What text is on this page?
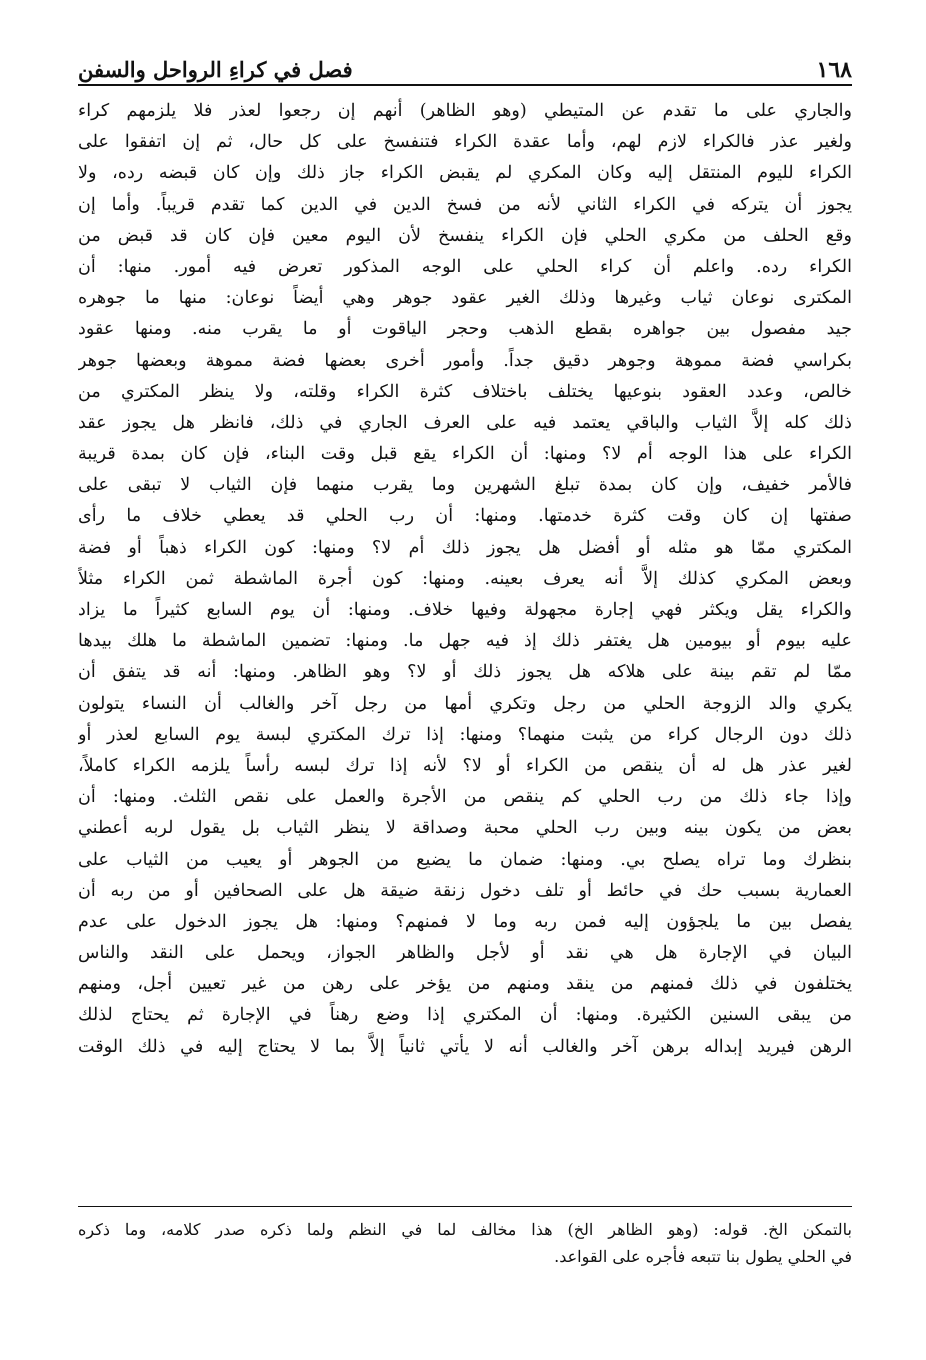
١٦٨
فصل في كراءِ الرواحل والسفن
والجاري على ما تقدم عن المتيطي (وهو الظاهر) أنهم إن رجعوا لعذر فلا يلزمهم كراء
ولغير عذر فالكراء لازم لهم، وأما عقدة الكراء فتنفسخ على كل حال، ثم إن اتفقوا على
الكراء لليوم المنتقل إليه وكان المكري لم يقبض الكراء جاز ذلك وإن كان قبضه رده، ولا
يجوز أن يتركه في الكراء الثاني لأنه من فسخ الدين في الدين كما تقدم قريباً. وأما إن
وقع الحلف من مكري الحلي فإن الكراء ينفسخ لأن اليوم معين فإن كان قد قبض من
الكراء رده. واعلم أن كراء الحلي على الوجه المذكور تعرض فيه أمور. منها: أن
المكترى نوعان ثياب وغيرها وذلك الغير عقود جوهر وهي أيضاً نوعان: منها ما جوهره
جيد مفصول بين جواهره بقطع الذهب وحجر الياقوت أو ما يقرب منه. ومنها عقود
بكراسي فضة مموهة وجوهر دقيق جداً. وأمور أخرى بعضها فضة مموهة وبعضها جوهر
خالص، وعدد العقود بنوعيها يختلف باختلاف كثرة الكراء وقلته، ولا ينظر المكتري من
ذلك كله إلاَّ الثياب والباقي يعتمد فيه على العرف الجاري في ذلك، فانظر هل يجوز عقد
الكراء على هذا الوجه أم لا؟ ومنها: أن الكراء يقع قبل وقت البناء، فإن كان بمدة قريبة
فالأمر خفيف، وإن كان بمدة تبلغ الشهرين وما يقرب منهما فإن الثياب لا تبقى على
صفتها إن كان وقت كثرة خدمتها. ومنها: أن رب الحلي قد يعطي خلاف ما رأى
المكتري ممّا هو مثله أو أفضل هل يجوز ذلك أم لا؟ ومنها: كون الكراء ذهباً أو فضة
وبعض المكري كذلك إلاَّ أنه يعرف بعينه. ومنها: كون أجرة الماشطة ثمن الكراء مثلاً
والكراء يقل ويكثر فهي إجارة مجهولة وفيها خلاف. ومنها: أن يوم السابع كثيراً ما يزاد
عليه بيوم أو بيومين هل يغتفر ذلك إذ فيه جهل ما. ومنها: تضمين الماشطة ما هلك بيدها
ممّا لم تقم بينة على هلاكه هل يجوز ذلك أو لا؟ وهو الظاهر. ومنها: أنه قد يتفق أن
يكري والد الزوجة الحلي من رجل وتكري أمها من رجل آخر والغالب أن النساء يتولون
ذلك دون الرجال كراء من يثبت منهما؟ ومنها: إذا ترك المكتري لبسة يوم السابع لعذر أو
لغير عذر هل له أن ينقص من الكراء أو لا؟ لأنه إذا ترك لبسه رأساً يلزمه الكراء كاملاً،
وإذا جاء ذلك من رب الحلي كم ينقص من الأجرة والعمل على نقص الثلث. ومنها: أن
بعض من يكون بينه وبين رب الحلي محبة وصداقة لا ينظر الثياب بل يقول لربه أعطني
بنظرك وما تراه يصلح بي. ومنها: ضمان ما يضيع من الجوهر أو يعيب من الثياب على
العمارية بسبب حك في حائط أو تلف دخول زنقة ضيقة هل على الصحافين أو من ربه أن
يفصل بين ما يلجؤون إليه فمن ربه وما لا فمنهم؟ ومنها: هل يجوز الدخول على عدم
البيان في الإجارة هل هي نقد أو لأجل والظاهر الجواز، ويحمل على النقد والناس
يختلفون في ذلك فمنهم من ينقد ومنهم من يؤخر على رهن من غير تعيين أجل، ومنهم
من يبقى السنين الكثيرة. ومنها: أن المكتري إذا وضع رهناً في الإجارة ثم يحتاج لذلك
الرهن فيريد إبداله برهن آخر والغالب أنه لا يأتي ثانياً إلاَّ بما لا يحتاج إليه في ذلك الوقت
بالتمكن الخ. قوله: (وهو الظاهر الخ) هذا مخالف لما في النظم ولما ذكره صدر كلامه، وما ذكره
في الحلي يطول بنا تتبعه فأجره على القواعد.
